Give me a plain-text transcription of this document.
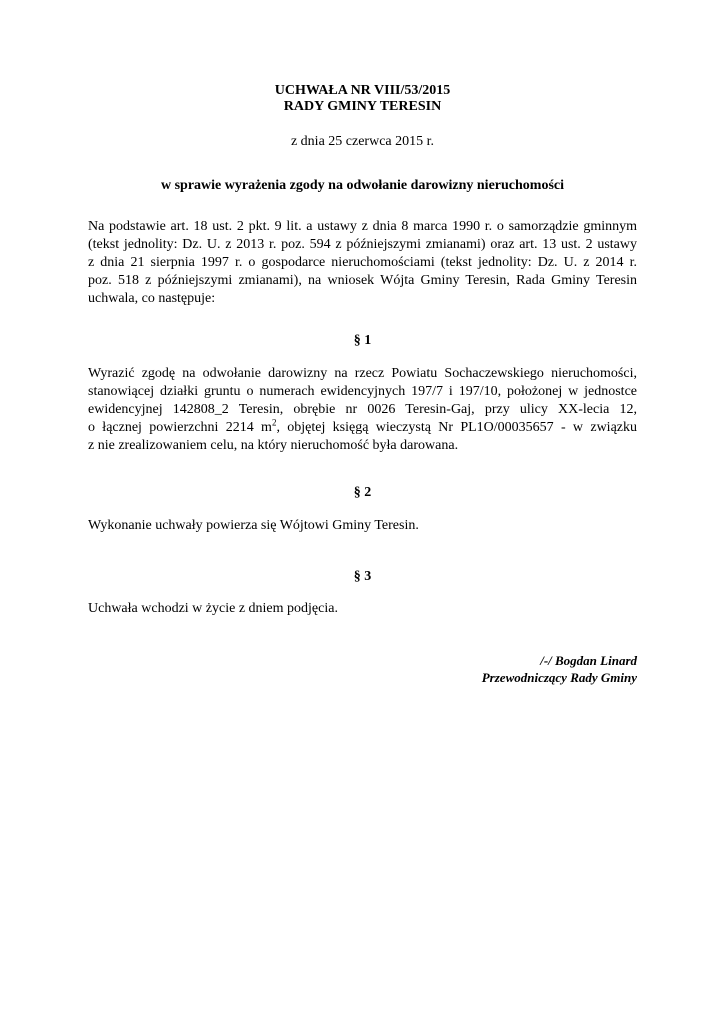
UCHWAŁA NR VIII/53/2015
RADY GMINY TERESIN
z dnia 25 czerwca 2015 r.
w sprawie wyrażenia zgody na odwołanie darowizny nieruchomości
Na podstawie art. 18 ust. 2 pkt. 9 lit. a ustawy z dnia 8 marca 1990 r. o samorządzie gminnym
(tekst jednolity: Dz. U. z 2013 r. poz. 594 z późniejszymi zmianami) oraz art. 13 ust. 2 ustawy
z dnia 21 sierpnia 1997 r. o gospodarce nieruchomościami (tekst jednolity: Dz. U. z 2014 r.
poz. 518 z późniejszymi zmianami), na wniosek Wójta Gminy Teresin, Rada Gminy Teresin
uchwala, co następuje:
§ 1
Wyrazić zgodę na odwołanie darowizny na rzecz Powiatu Sochaczewskiego nieruchomości,
stanowiącej działki gruntu o numerach ewidencyjnych 197/7 i 197/10, położonej w jednostce
ewidencyjnej 142808_2 Teresin, obrębie nr 0026 Teresin-Gaj, przy ulicy XX-lecia 12,
o łącznej powierzchni 2214 $m^2$, objętej księgą wieczystą Nr PL1O/00035657 - w związku
z nie zrealizowaniem celu, na który nieruchomość była darowana.
§ 2
Wykonanie uchwały powierza się Wójtowi Gminy Teresin.
§ 3
Uchwała wchodzi w życie z dniem podjęcia.
/-/ Bogdan Linard
Przewodniczący Rady Gminy
